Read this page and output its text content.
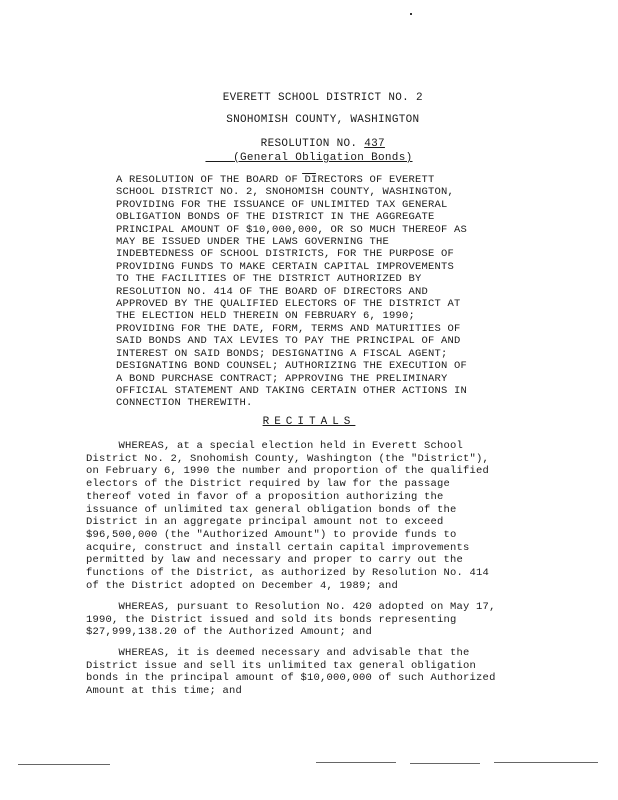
EVERETT SCHOOL DISTRICT NO. 2

SNOHOMISH COUNTY, WASHINGTON

RESOLUTION NO. 437

(General Obligation Bonds)

A RESOLUTION OF THE BOARD OF DIRECTORS OF EVERETT
SCHOOL DISTRICT NO. 2, SNOHOMISH COUNTY, WASHINGTON,
PROVIDING FOR THE ISSUANCE OF UNLIMITED TAX GENERAL
OBLIGATION BONDS OF THE DISTRICT IN THE AGGREGATE
PRINCIPAL AMOUNT OF $10,000,000, OR SO MUCH THEREOF AS
MAY BE ISSUED UNDER THE LAWS GOVERNING THE
INDEBTEDNESS OF SCHOOL DISTRICTS, FOR THE PURPOSE OF
PROVIDING FUNDS TO MAKE CERTAIN CAPITAL IMPROVEMENTS
TO THE FACILITIES OF THE DISTRICT AUTHORIZED BY
RESOLUTION NO. 414 OF THE BOARD OF DIRECTORS AND
APPROVED BY THE QUALIFIED ELECTORS OF THE DISTRICT AT
THE ELECTION HELD THEREIN ON FEBRUARY 6, 1990;
PROVIDING FOR THE DATE, FORM, TERMS AND MATURITIES OF
SAID BONDS AND TAX LEVIES TO PAY THE PRINCIPAL OF AND
INTEREST ON SAID BONDS; DESIGNATING A FISCAL AGENT;
DESIGNATING BOND COUNSEL; AUTHORIZING THE EXECUTION OF
A BOND PURCHASE CONTRACT; APPROVING THE PRELIMINARY
OFFICIAL STATEMENT AND TAKING CERTAIN OTHER ACTIONS IN
CONNECTION THEREWITH.
RECITALS
WHEREAS, at a special election held in Everett School
District No. 2, Snohomish County, Washington (the "District"),
on February 6, 1990 the number and proportion of the qualified
electors of the District required by law for the passage
thereof voted in favor of a proposition authorizing the
issuance of unlimited tax general obligation bonds of the
District in an aggregate principal amount not to exceed
$96,500,000 (the "Authorized Amount") to provide funds to
acquire, construct and install certain capital improvements
permitted by law and necessary and proper to carry out the
functions of the District, as authorized by Resolution No. 414
of the District adopted on December 4, 1989; and
WHEREAS, pursuant to Resolution No. 420 adopted on May 17,
1990, the District issued and sold its bonds representing
$27,999,138.20 of the Authorized Amount; and
WHEREAS, it is deemed necessary and advisable that the
District issue and sell its unlimited tax general obligation
bonds in the principal amount of $10,000,000 of such Authorized
Amount at this time; and
